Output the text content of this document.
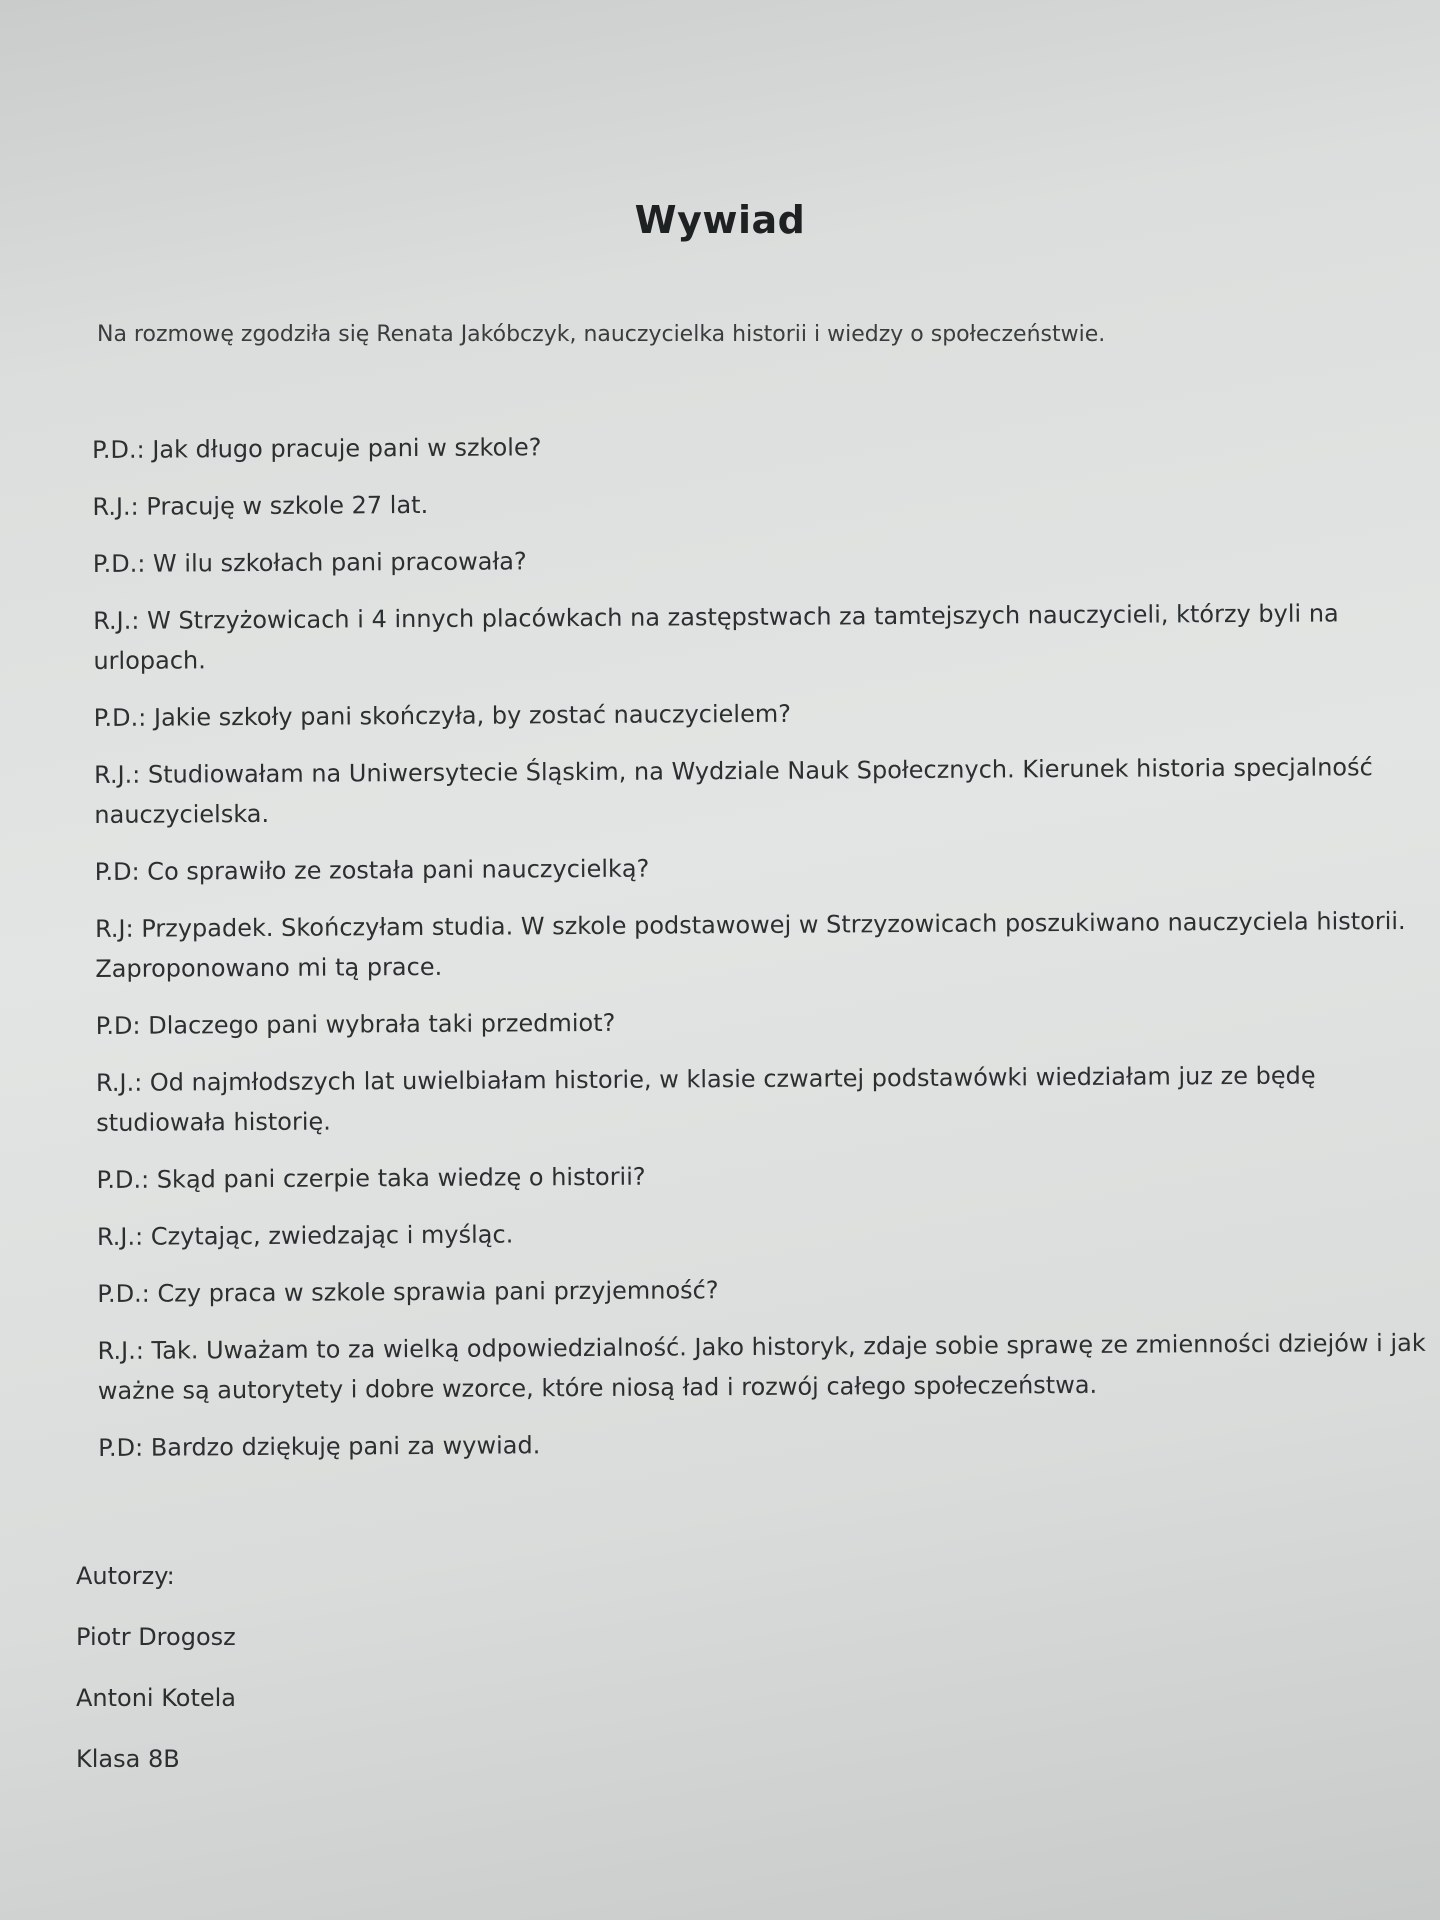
Wywiad
Na rozmowę zgodziła się Renata Jakóbczyk, nauczycielka historii i wiedzy o społeczeństwie.

P.D.: Jak długo pracuje pani w szkole?

R.J.: Pracuję w szkole 27 lat.

P.D.: W ilu szkołach pani pracowała?

R.J.: W Strzyżowicach i 4 innych placówkach na zastępstwach za tamtejszych nauczycieli, którzy byli na urlopach.

P.D.: Jakie szkoły pani skończyła, by zostać nauczycielem?

R.J.: Studiowałam na Uniwersytecie Śląskim, na Wydziale Nauk Społecznych. Kierunek historia specjalność nauczycielska.

P.D: Co sprawiło ze została pani nauczycielką?

R.J: Przypadek. Skończyłam studia. W szkole podstawowej w Strzyzowicach poszukiwano nauczyciela historii. Zaproponowano mi tą prace.

P.D: Dlaczego pani wybrała taki przedmiot?

R.J.: Od najmłodszych lat uwielbiałam historie, w klasie czwartej podstawówki wiedziałam juz ze będę studiowała historię.

P.D.: Skąd pani czerpie taka wiedzę o historii?

R.J.: Czytając, zwiedzając i myśląc.

P.D.: Czy praca w szkole sprawia pani przyjemność?

R.J.: Tak. Uważam to za wielką odpowiedzialność. Jako historyk, zdaje sobie sprawę ze zmienności dziejów i jak ważne są autorytety i dobre wzorce, które niosą ład i rozwój całego społeczeństwa.

P.D: Bardzo dziękuję pani za wywiad.

Autorzy:
Piotr Drogosz
Antoni Kotela
Klasa 8B
